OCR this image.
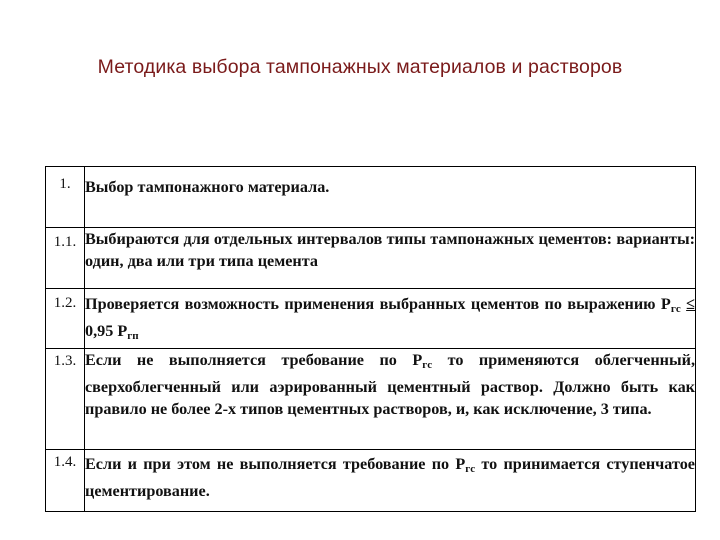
Методика выбора тампонажных материалов и растворов
1.	Выбор тампонажного материала.
1.1.	Выбираются для отдельных интервалов типы тампонажных цементов: варианты: один, два или три типа цемента
1.2.	Проверяется возможность применения выбранных цементов по выражению $P_{гс} \le 0,95$ $P_{гп}$
1.3.	Если не выполняется требование по $P_{гс}$ то применяются облегченный, сверхоблегченный или аэрированный цементный раствор. Должно быть как правило не более 2-х типов цементных растворов, и, как исключение, 3 типа.
1.4.	Если и при этом не выполняется требование по $P_{гс}$ то принимается ступенчатое цементирование.
